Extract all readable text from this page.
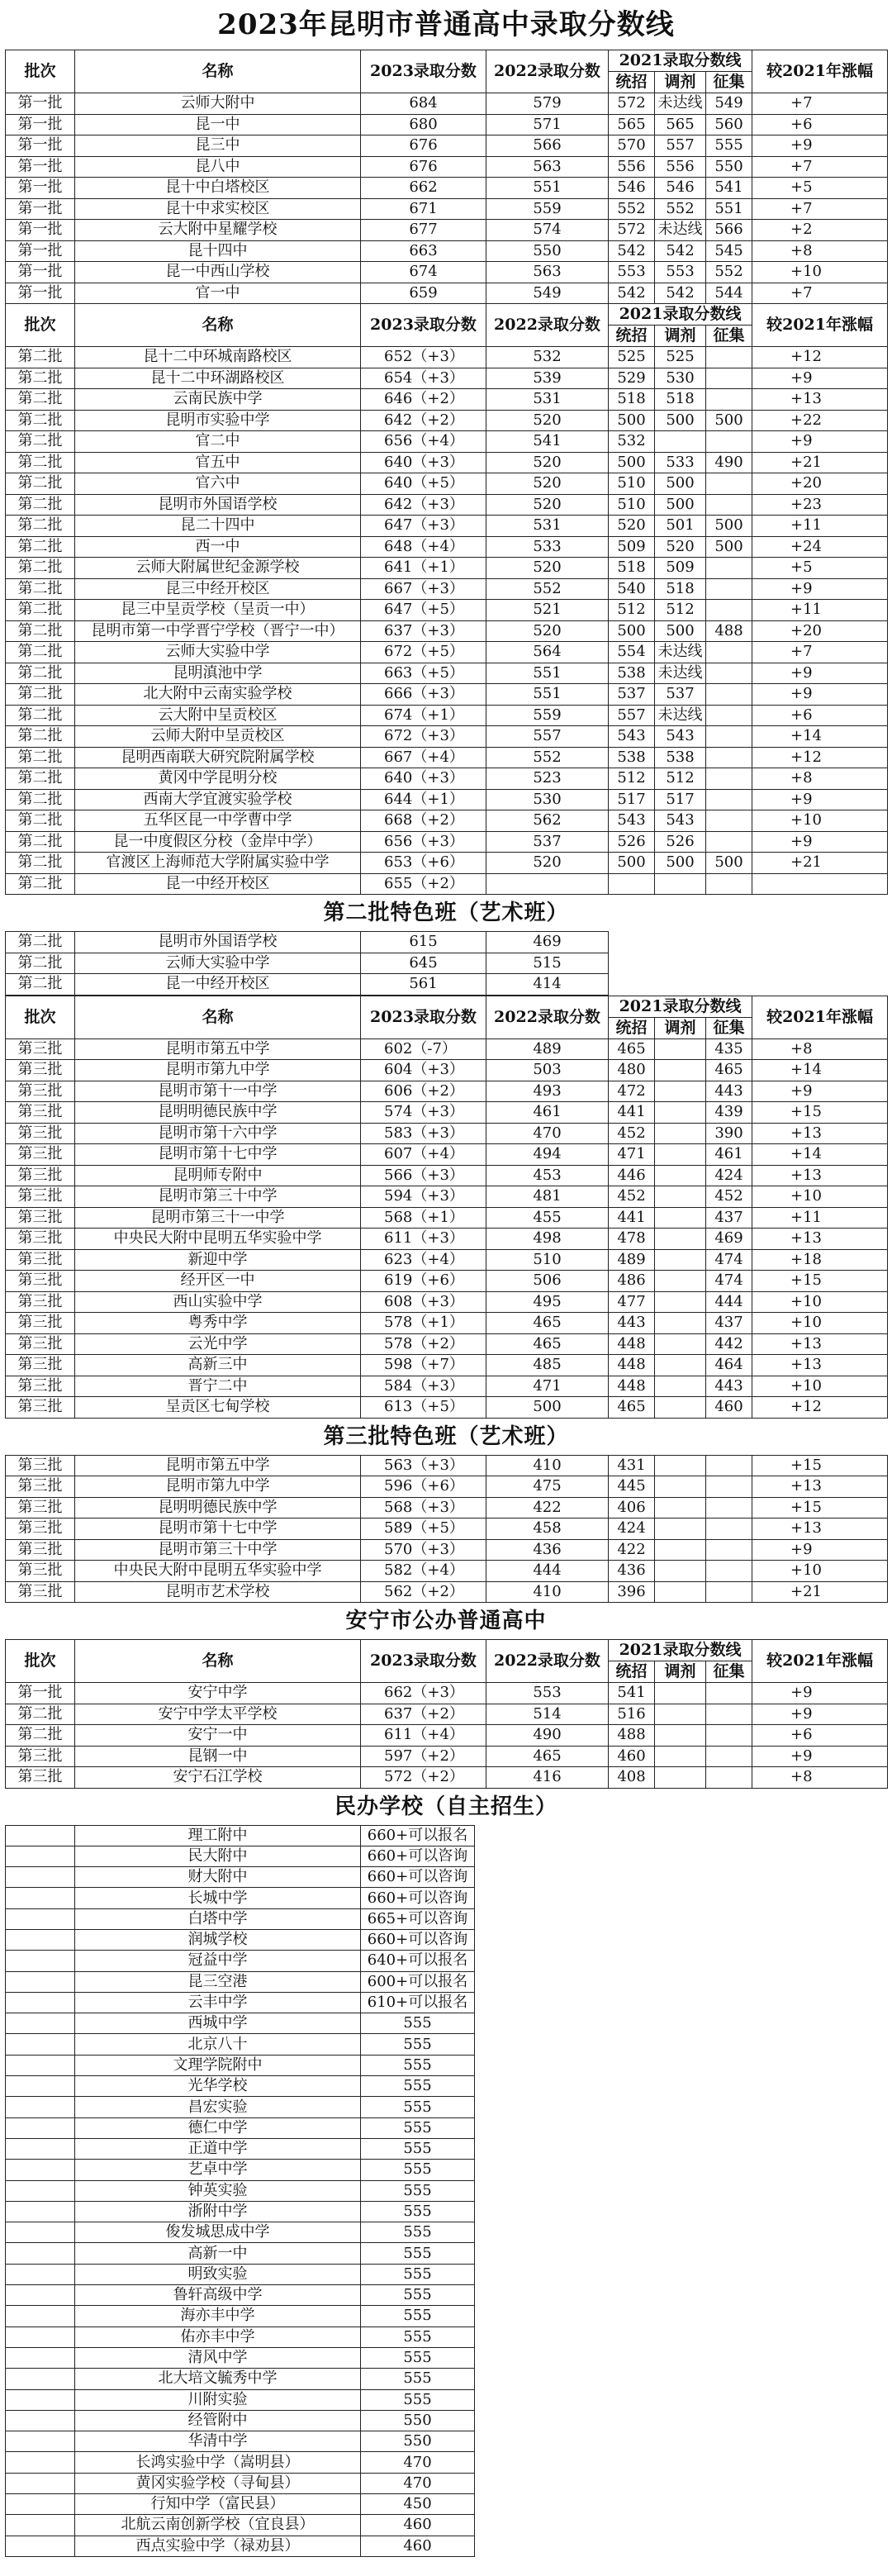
2023年昆明市普通高中录取分数线
批次	名称	2023录取分数	2022录取分数	2021录取分数线			较2021年涨幅
				统招	调剂	征集	
第一批	云师大附中	684	579	572	未达线	549	+7
第一批	昆一中	680	571	565	565	560	+6
第一批	昆三中	676	566	570	557	555	+9
第一批	昆八中	676	563	556	556	550	+7
第一批	昆十中白塔校区	662	551	546	546	541	+5
第一批	昆十中求实校区	671	559	552	552	551	+7
第一批	云大附中星耀学校	677	574	572	未达线	566	+2
第一批	昆十四中	663	550	542	542	545	+8
第一批	昆一中西山学校	674	563	553	553	552	+10
第一批	官一中	659	549	542	542	544	+7
批次	名称	2023录取分数	2022录取分数	2021录取分数线			较2021年涨幅
				统招	调剂	征集	
第二批	昆十二中环城南路校区	652（+3）	532	525	525		+12
第二批	昆十二中环湖路校区	654（+3）	539	529	530		+9
第二批	云南民族中学	646（+2）	531	518	518		+13
第二批	昆明市实验中学	642（+2）	520	500	500	500	+22
第二批	官二中	656（+4）	541	532			+9
第二批	官五中	640（+3）	520	500	533	490	+21
第二批	官六中	640（+5）	520	510	500		+20
第二批	昆明市外国语学校	642（+3）	520	510	500		+23
第二批	昆二十四中	647（+3）	531	520	501	500	+11
第二批	西一中	648（+4）	533	509	520	500	+24
第二批	云师大附属世纪金源学校	641（+1）	520	518	509		+5
第二批	昆三中经开校区	667（+3）	552	540	518		+9
第二批	昆三中呈贡学校（呈贡一中）	647（+5）	521	512	512		+11
第二批	昆明市第一中学晋宁学校（晋宁一中）	637（+3）	520	500	500	488	+20
第二批	云师大实验中学	672（+5）	564	554	未达线		+7
第二批	昆明滇池中学	663（+5）	551	538	未达线		+9
第二批	北大附中云南实验学校	666（+3）	551	537	537		+9
第二批	云大附中呈贡校区	674（+1）	559	557	未达线		+6
第二批	云师大附中呈贡校区	672（+3）	557	543	543		+14
第二批	昆明西南联大研究院附属学校	667（+4）	552	538	538		+12
第二批	黄冈中学昆明分校	640（+3）	523	512	512		+8
第二批	西南大学宜渡实验学校	644（+1）	530	517	517		+9
第二批	五华区昆一中学曹中学	668（+2）	562	543	543		+10
第二批	昆一中度假区分校（金岸中学）	656（+3）	537	526	526		+9
第二批	官渡区上海师范大学附属实验中学	653（+6）	520	500	500	500	+21
第二批	昆一中经开校区	655（+2）					
第二批特色班（艺术班）
第二批	昆明市外国语学校	615	469	
第二批	云师大实验中学	645	515	
第二批	昆一中经开校区	561	414	
批次	名称	2023录取分数	2022录取分数	2021录取分数线			较2021年涨幅
				统招	调剂	征集	
第三批	昆明市第五中学	602（-7）	489	465		435	+8
第三批	昆明市第九中学	604（+3）	503	480		465	+14
第三批	昆明市第十一中学	606（+2）	493	472		443	+9
第三批	昆明明德民族中学	574（+3）	461	441		439	+15
第三批	昆明市第十六中学	583（+3）	470	452		390	+13
第三批	昆明市第十七中学	607（+4）	494	471		461	+14
第三批	昆明师专附中	566（+3）	453	446		424	+13
第三批	昆明市第三十中学	594（+3）	481	452		452	+10
第三批	昆明市第三十一中学	568（+1）	455	441		437	+11
第三批	中央民大附中昆明五华实验中学	611（+3）	498	478		469	+13
第三批	新迎中学	623（+4）	510	489		474	+18
第三批	经开区一中	619（+6）	506	486		474	+15
第三批	西山实验中学	608（+3）	495	477		444	+10
第三批	粤秀中学	578（+1）	465	443		437	+10
第三批	云光中学	578（+2）	465	448		442	+13
第三批	高新三中	598（+7）	485	448		464	+13
第三批	晋宁二中	584（+3）	471	448		443	+10
第三批	呈贡区七甸学校	613（+5）	500	465		460	+12
第三批特色班（艺术班）
第三批	昆明市第五中学	563（+3）	410	431			+15
第三批	昆明市第九中学	596（+6）	475	445			+13
第三批	昆明明德民族中学	568（+3）	422	406			+15
第三批	昆明市第十七中学	589（+5）	458	424			+13
第三批	昆明市第三十中学	570（+3）	436	422			+9
第三批	中央民大附中昆明五华实验中学	582（+4）	444	436			+10
第三批	昆明市艺术学校	562（+2）	410	396			+21
安宁市公办普通高中
批次	名称	2023录取分数	2022录取分数	2021录取分数线			较2021年涨幅
				统招	调剂	征集	
第一批	安宁中学	662（+3）	553	541			+9
第二批	安宁中学太平学校	637（+2）	514	516			+9
第二批	安宁一中	611（+4）	490	488			+6
第三批	昆钢一中	597（+2）	465	460			+9
第三批	安宁石江学校	572（+2）	416	408			+8
民办学校（自主招生）
	理工附中	660+可以报名
	民大附中	660+可以咨询
	财大附中	660+可以咨询
	长城中学	660+可以咨询
	白塔中学	665+可以咨询
	润城学校	660+可以咨询
	冠益中学	640+可以报名
	昆三空港	600+可以报名
	云丰中学	610+可以报名
	西城中学	555
	北京八十	555
	文理学院附中	555
	光华学校	555
	昌宏实验	555
	德仁中学	555
	正道中学	555
	艺卓中学	555
	钟英实验	555
	浙附中学	555
	俊发城思成中学	555
	高新一中	555
	明致实验	555
	鲁轩高级中学	555
	海亦丰中学	555
	佑亦丰中学	555
	清风中学	555
	北大培文毓秀中学	555
	川附实验	555
	经管附中	550
	华清中学	550
	长鸿实验中学（嵩明县）	470
	黄冈实验学校（寻甸县）	470
	行知中学（富民县）	450
	北航云南创新学校（宜良县）	460
	西点实验中学（禄劝县）	460
